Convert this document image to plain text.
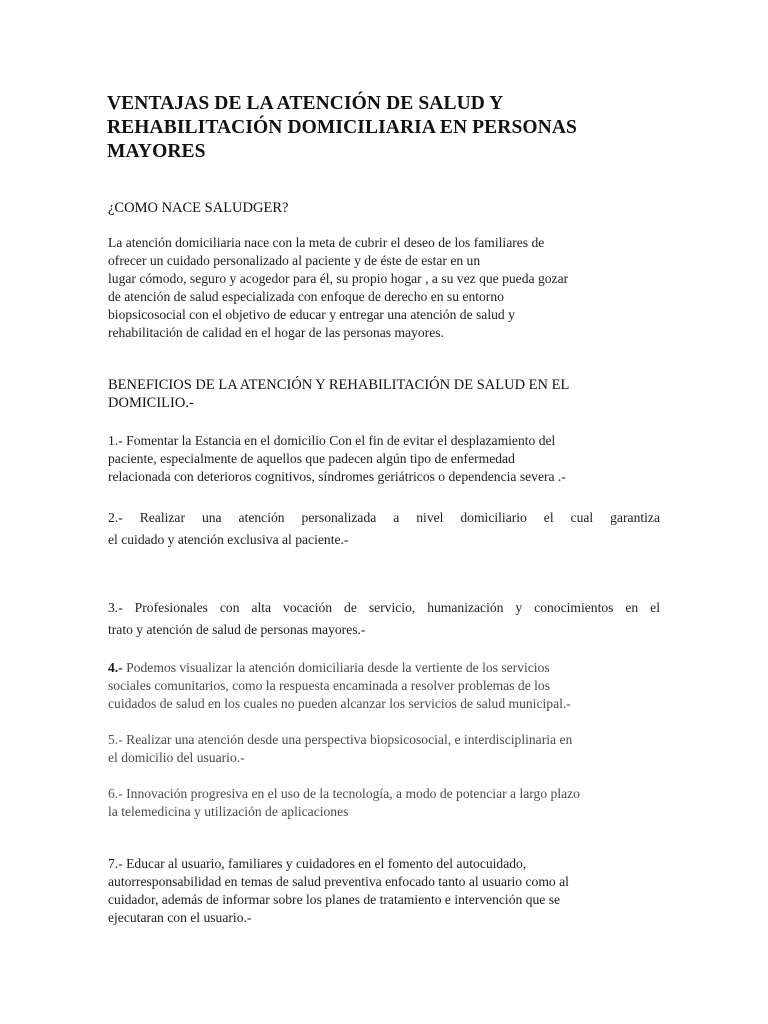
VENTAJAS DE LA ATENCIÓN DE SALUD Y
REHABILITACIÓN DOMICILIARIA EN PERSONAS
MAYORES

¿COMO NACE SALUDGER?

La atención domiciliaria nace con la meta de cubrir el deseo de los familiares de
ofrecer un cuidado personalizado al paciente y de éste de estar en un
lugar cómodo, seguro y acogedor para él, su propio hogar , a su vez que pueda gozar
de atención de salud especializada con enfoque de derecho en su entorno
biopsicosocial con el objetivo de educar y entregar una atención de salud y
rehabilitación de calidad en el hogar de las personas mayores.

BENEFICIOS DE LA ATENCIÓN Y REHABILITACIÓN DE SALUD EN EL
DOMICILIO.-

1.- Fomentar la Estancia en el domicilio Con el fin de evitar el desplazamiento del
paciente, especialmente de aquellos que padecen algún tipo de enfermedad
relacionada con deterioros cognitivos, síndromes geriátricos o dependencia severa .-

2.- Realizar una atención personalizada a nivel domiciliario el cual garantiza
el cuidado y atención exclusiva al paciente.-

3.- Profesionales con alta vocación de servicio, humanización y conocimientos en el
trato y atención de salud de personas mayores.-

4.- Podemos visualizar la atención domiciliaria desde la vertiente de los servicios
sociales comunitarios, como la respuesta encaminada a resolver problemas de los
cuidados de salud en los cuales no pueden alcanzar los servicios de salud municipal.-

5.- Realizar una atención desde una perspectiva biopsicosocial, e interdisciplinaria en
el domicilio del usuario.-

6.- Innovación progresiva en el uso de la tecnología, a modo de potenciar a largo plazo
la telemedicina y utilización de aplicaciones

7.- Educar al usuario, familiares y cuidadores en el fomento del autocuidado,
autorresponsabilidad en temas de salud preventiva enfocado tanto al usuario como al
cuidador, además de informar sobre los planes de tratamiento e intervención que se
ejecutaran con el usuario.-
